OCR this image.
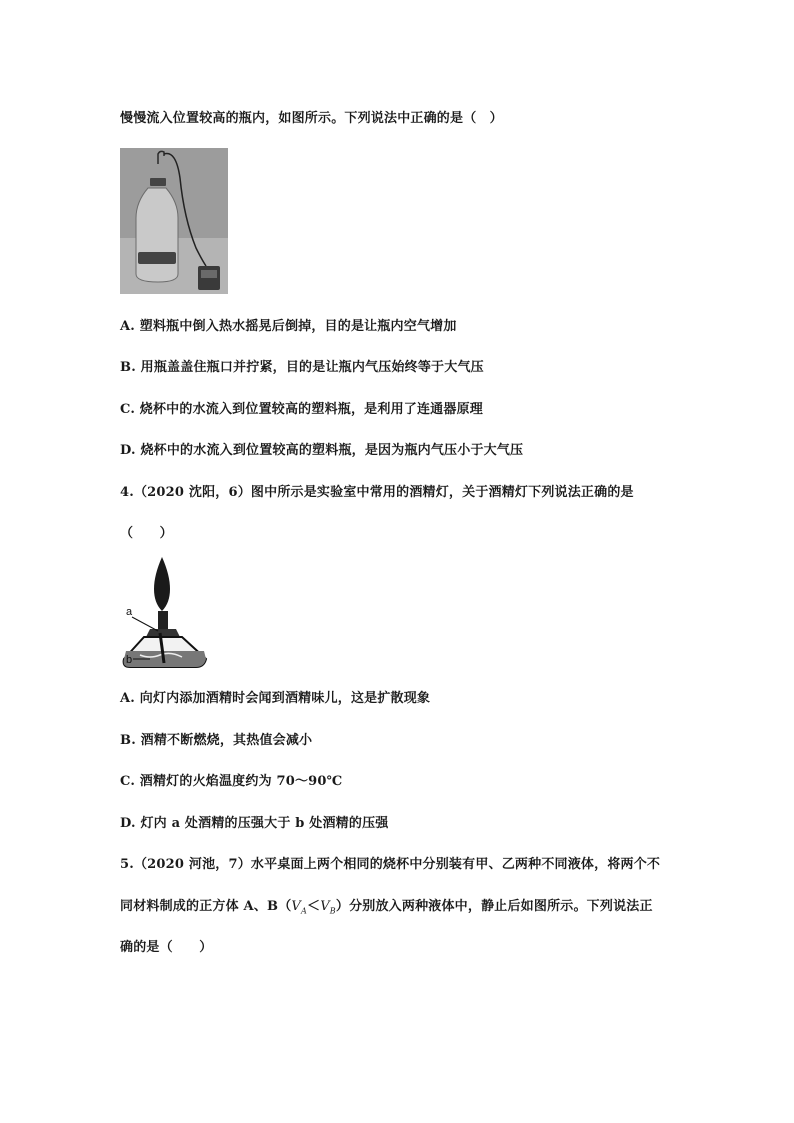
慢慢流入位置较高的瓶内，如图所示。下列说法中正确的是（　）
A. 塑料瓶中倒入热水摇晃后倒掉，目的是让瓶内空气增加
B. 用瓶盖盖住瓶口并拧紧，目的是让瓶内气压始终等于大气压
C. 烧杯中的水流入到位置较高的塑料瓶，是利用了连通器原理
D. 烧杯中的水流入到位置较高的塑料瓶，是因为瓶内气压小于大气压
4.（2020 沈阳，6）图中所示是实验室中常用的酒精灯，关于酒精灯下列说法正确的是
（　　）
a
b
A. 向灯内添加酒精时会闻到酒精味儿，这是扩散现象
B. 酒精不断燃烧，其热值会减小
C. 酒精灯的火焰温度约为 70～90℃
D. 灯内 a 处酒精的压强大于 b 处酒精的压强
5.（2020 河池，7）水平桌面上两个相同的烧杯中分别装有甲、乙两种不同液体，将两个不
同材料制成的正方体 A、$B(V_A<V_B)$分别放入两种液体中，静止后如图所示。下列说法正
确的是（　　）
